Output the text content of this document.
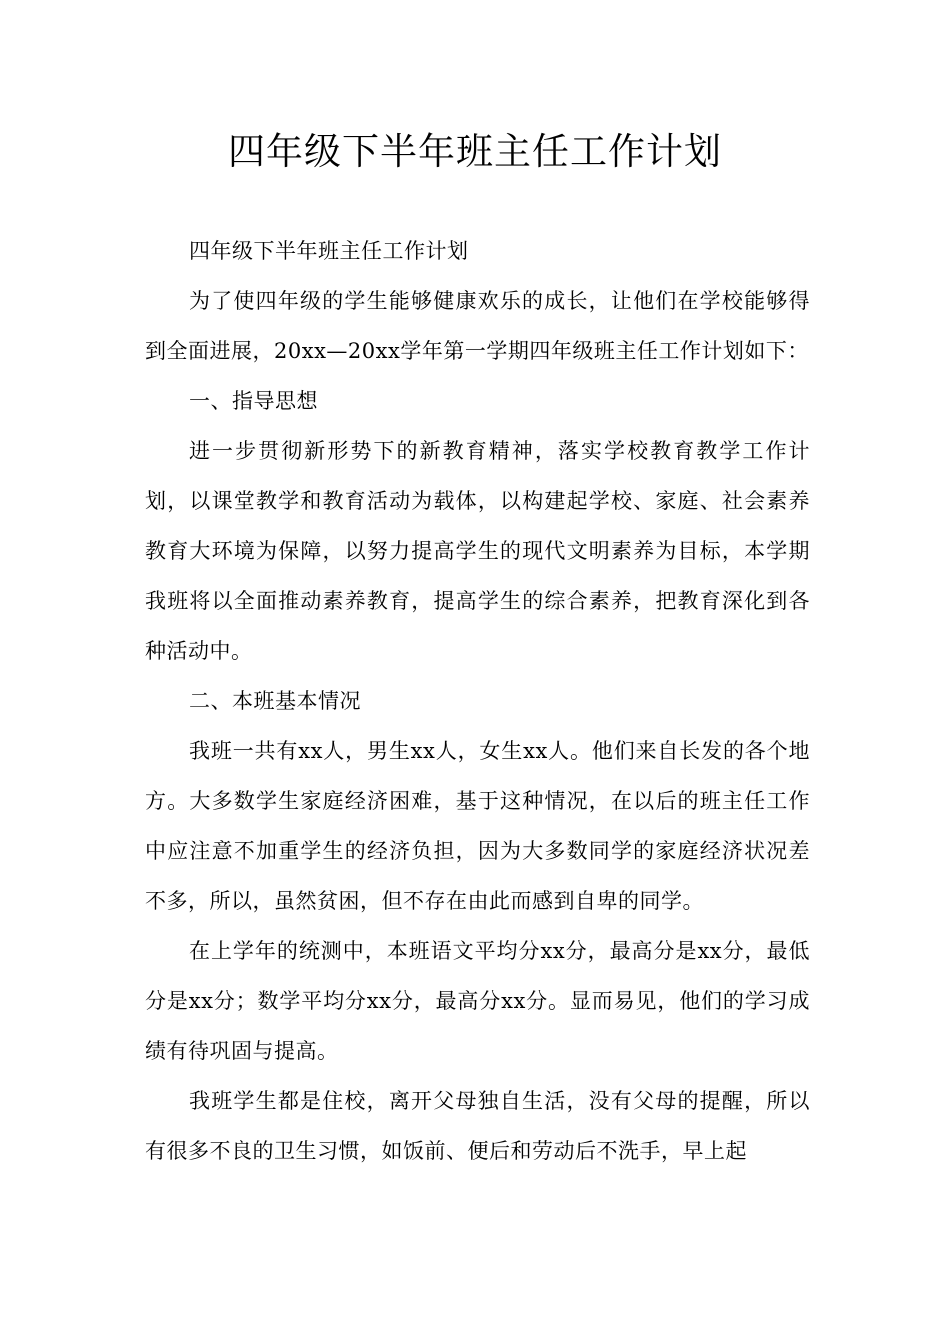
四年级下半年班主任工作计划

四年级下半年班主任工作计划

为了使四年级的学生能够健康欢乐的成长，让他们在学校能够得到全面进展，20xx—20xx学年第一学期四年级班主任工作计划如下：

一、指导思想

进一步贯彻新形势下的新教育精神，落实学校教育教学工作计划，以课堂教学和教育活动为载体，以构建起学校、家庭、社会素养教育大环境为保障，以努力提高学生的现代文明素养为目标，本学期我班将以全面推动素养教育，提高学生的综合素养，把教育深化到各种活动中。

二、本班基本情况

我班一共有xx人，男生xx人，女生xx人。他们来自长发的各个地方。大多数学生家庭经济困难，基于这种情况，在以后的班主任工作中应注意不加重学生的经济负担，因为大多数同学的家庭经济状况差不多，所以，虽然贫困，但不存在由此而感到自卑的同学。

在上学年的统测中，本班语文平均分xx分，最高分是xx分，最低分是xx分；数学平均分xx分，最高分xx分。显而易见，他们的学习成绩有待巩固与提高。

我班学生都是住校，离开父母独自生活，没有父母的提醒，所以有很多不良的卫生习惯，如饭前、便后和劳动后不洗手，早上起
